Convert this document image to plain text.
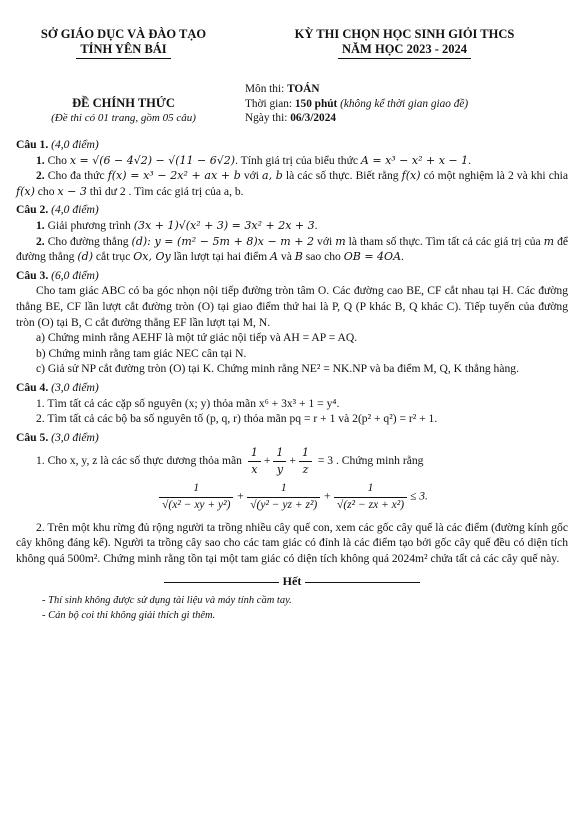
SỞ GIÁO DỤC VÀ ĐÀO TẠO
TỈNH YÊN BÁI
KỲ THI CHỌN HỌC SINH GIỎI THCS
NĂM HỌC 2023 - 2024
ĐỀ CHÍNH THỨC
(Đề thi có 01 trang, gồm 05 câu)
Môn thi: TOÁN
Thời gian: 150 phút (không kể thời gian giao đề)
Ngày thi: 06/3/2024
Câu 1. (4,0 điểm)
1. Cho x = √(6 − 4√2) − √(11 − 6√2). Tính giá trị của biểu thức A = x³ − x² + x − 1.
2. Cho đa thức f(x) = x³ − 2x² + ax + b với a, b là các số thực. Biết rằng f(x) có một nghiệm là 2 và khi chia f(x) cho x − 3 thì dư 2 . Tìm các giá trị của a, b.
Câu 2. (4,0 điểm)
1. Giải phương trình (3x + 1)√(x² + 3) = 3x² + 2x + 3.
2. Cho đường thẳng (d): y = (m² − 5m + 8)x − m + 2 với m là tham số thực. Tìm tất cả các giá trị của m để đường thẳng (d) cắt trục Ox, Oy lần lượt tại hai điểm A và B sao cho OB = 4OA.
Câu 3. (6,0 điểm)
Cho tam giác ABC có ba góc nhọn nội tiếp đường tròn tâm O. Các đường cao BE, CF cắt nhau tại H. Các đường thẳng BE, CF lần lượt cắt đường tròn (O) tại giao điểm thứ hai là P, Q (P khác B, Q khác C). Tiếp tuyến của đường tròn (O) tại B, C cắt đường thẳng EF lần lượt tại M, N.
a) Chứng minh rằng AEHF là một tứ giác nội tiếp và AH = AP = AQ.
b) Chứng minh rằng tam giác NEC cân tại N.
c) Giả sử NP cắt đường tròn (O) tại K. Chứng minh rằng NE² = NK.NP và ba điểm M, Q, K thẳng hàng.
Câu 4. (3,0 điểm)
1. Tìm tất cả các cặp số nguyên (x; y) thỏa mãn x⁶ + 3x³ + 1 = y⁴.
2. Tìm tất cả các bộ ba số nguyên tố (p, q, r) thỏa mãn pq = r + 1 và 2(p² + q²) = r² + 1.
Câu 5. (3,0 điểm)
1. Cho x, y, z là các số thực dương thỏa mãn $\frac{1}{x} + \frac{1}{y} + \frac{1}{z} = 3$ . Chứng minh rằng
$\frac{1}{\text{√(x² − xy + y²)}} + \frac{1}{\text{√(y² − yz + z²)}} + \frac{1}{\text{√(z² − zx + x²)}} \le 3$.
2. Trên một khu rừng đủ rộng người ta trồng nhiều cây quế con, xem các gốc cây quế là các điểm (đường kính gốc cây không đáng kể). Người ta trồng cây sao cho các tam giác có đỉnh là các điểm tạo bởi gốc cây quế đều có diện tích không quá 500m². Chứng minh rằng tồn tại một tam giác có diện tích không quá 2024m² chứa tất cả các cây quế này.
Hết
- Thí sinh không được sử dụng tài liệu và máy tính cầm tay.
- Cán bộ coi thi không giải thích gì thêm.
